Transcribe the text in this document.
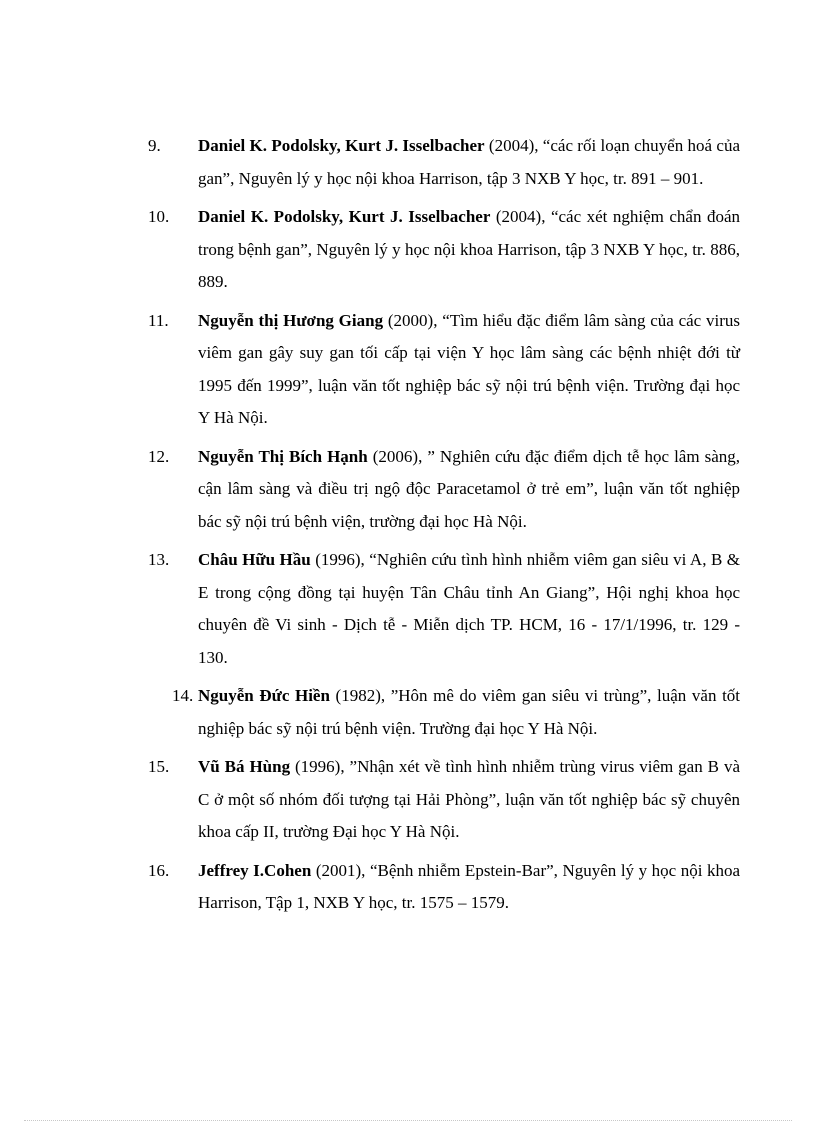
9. Daniel K. Podolsky, Kurt J. Isselbacher (2004), “các rối loạn chuyển hoá của gan”, Nguyên lý y học nội khoa Harrison, tập 3 NXB Y học, tr. 891 – 901.
10. Daniel K. Podolsky, Kurt J. Isselbacher (2004), “các xét nghiệm chẩn đoán trong bệnh gan”, Nguyên lý y học nội khoa Harrison, tập 3 NXB Y học, tr. 886, 889.
11. Nguyễn thị Hương Giang (2000), “Tìm hiểu đặc điểm lâm sàng của các virus viêm gan gây suy gan tối cấp tại viện Y học lâm sàng các bệnh nhiệt đới từ 1995 đến 1999”, luận văn tốt nghiệp bác sỹ nội trú bệnh viện. Trường đại học Y Hà Nội.
12. Nguyễn Thị Bích Hạnh (2006), ” Nghiên cứu đặc điểm dịch tễ học lâm sàng, cận lâm sàng và điều trị ngộ độc Paracetamol ở trẻ em”, luận văn tốt nghiệp bác sỹ nội trú bệnh viện, trường đại học Hà Nội.
13. Châu Hữu Hầu (1996), “Nghiên cứu tình hình nhiễm viêm gan siêu vi A, B & E trong cộng đồng tại huyện Tân Châu tỉnh An Giang”, Hội nghị khoa học chuyên đề Vi sinh - Dịch tễ - Miễn dịch TP. HCM, 16 - 17/1/1996, tr. 129 - 130.
14. Nguyễn Đức Hiền (1982), ”Hôn mê do viêm gan siêu vi trùng”, luận văn tốt nghiệp bác sỹ nội trú bệnh viện. Trường đại học Y Hà Nội.
15. Vũ Bá Hùng (1996), ”Nhận xét về tình hình nhiễm trùng virus viêm gan B và C ở một số nhóm đối tượng tại Hải Phòng”, luận văn tốt nghiệp bác sỹ chuyên khoa cấp II, trường Đại học Y Hà Nội.
16. Jeffrey I.Cohen (2001), “Bệnh nhiễm Epstein-Bar”, Nguyên lý y học nội khoa Harrison, Tập 1, NXB Y học, tr. 1575 – 1579.
